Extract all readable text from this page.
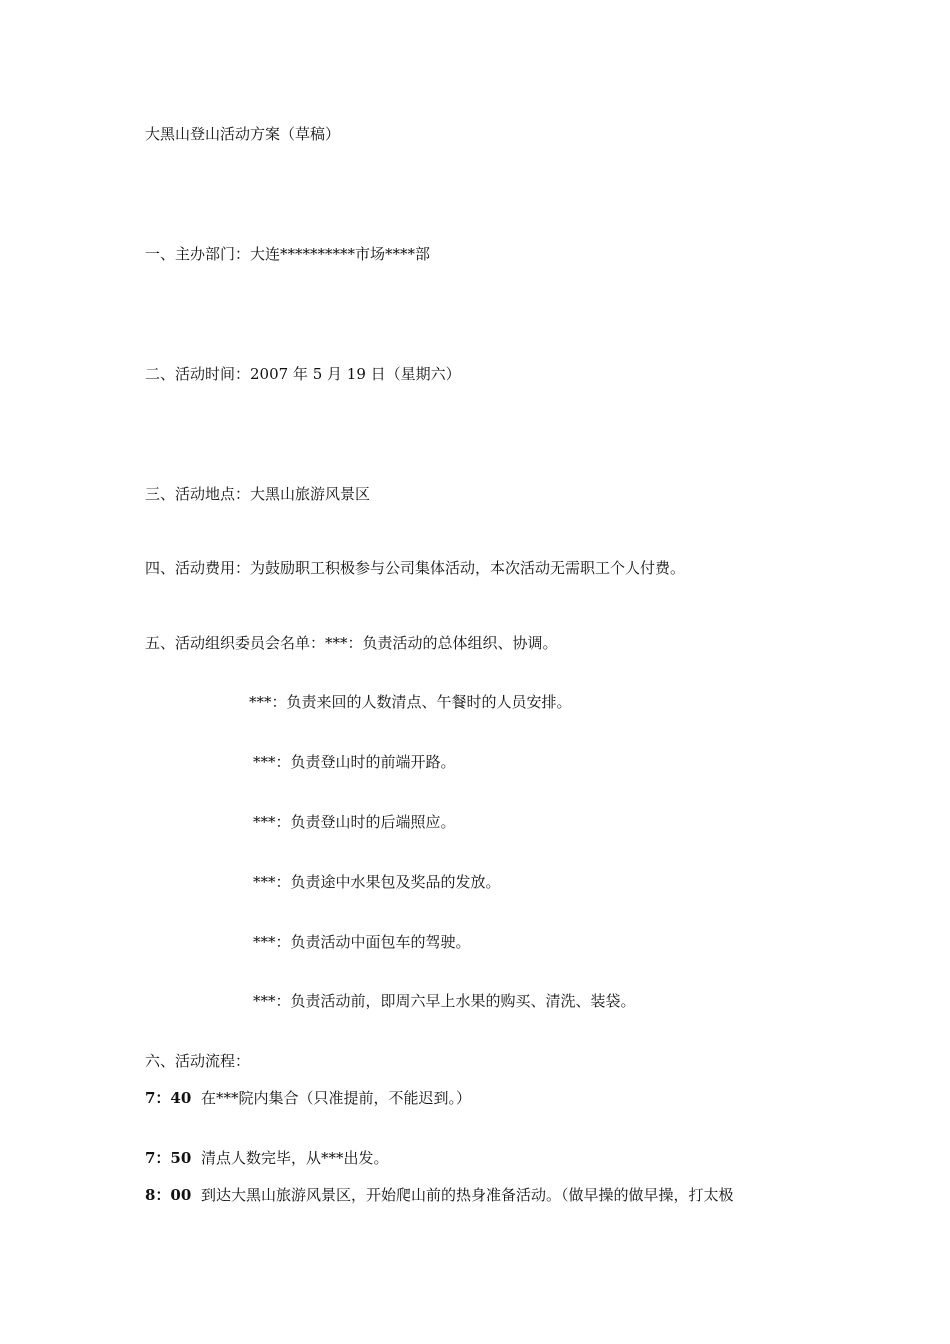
大黑山登山活动方案（草稿）
一、主办部门：大连**********市场****部
二、活动时间：2007 年 5 月 19 日（星期六）
三、活动地点：大黑山旅游风景区
四、活动费用：为鼓励职工积极参与公司集体活动，本次活动无需职工个人付费。
五、活动组织委员会名单：***：负责活动的总体组织、协调。
***：负责来回的人数清点、午餐时的人员安排。
***：负责登山时的前端开路。
***：负责登山时的后端照应。
***：负责途中水果包及奖品的发放。
***：负责活动中面包车的驾驶。
***：负责活动前，即周六早上水果的购买、清洗、装袋。
六、活动流程：
7：40 在***院内集合（只准提前，不能迟到。）
7：50 清点人数完毕，从***出发。
8：00 到达大黑山旅游风景区，开始爬山前的热身准备活动。（做早操的做早操，打太极
